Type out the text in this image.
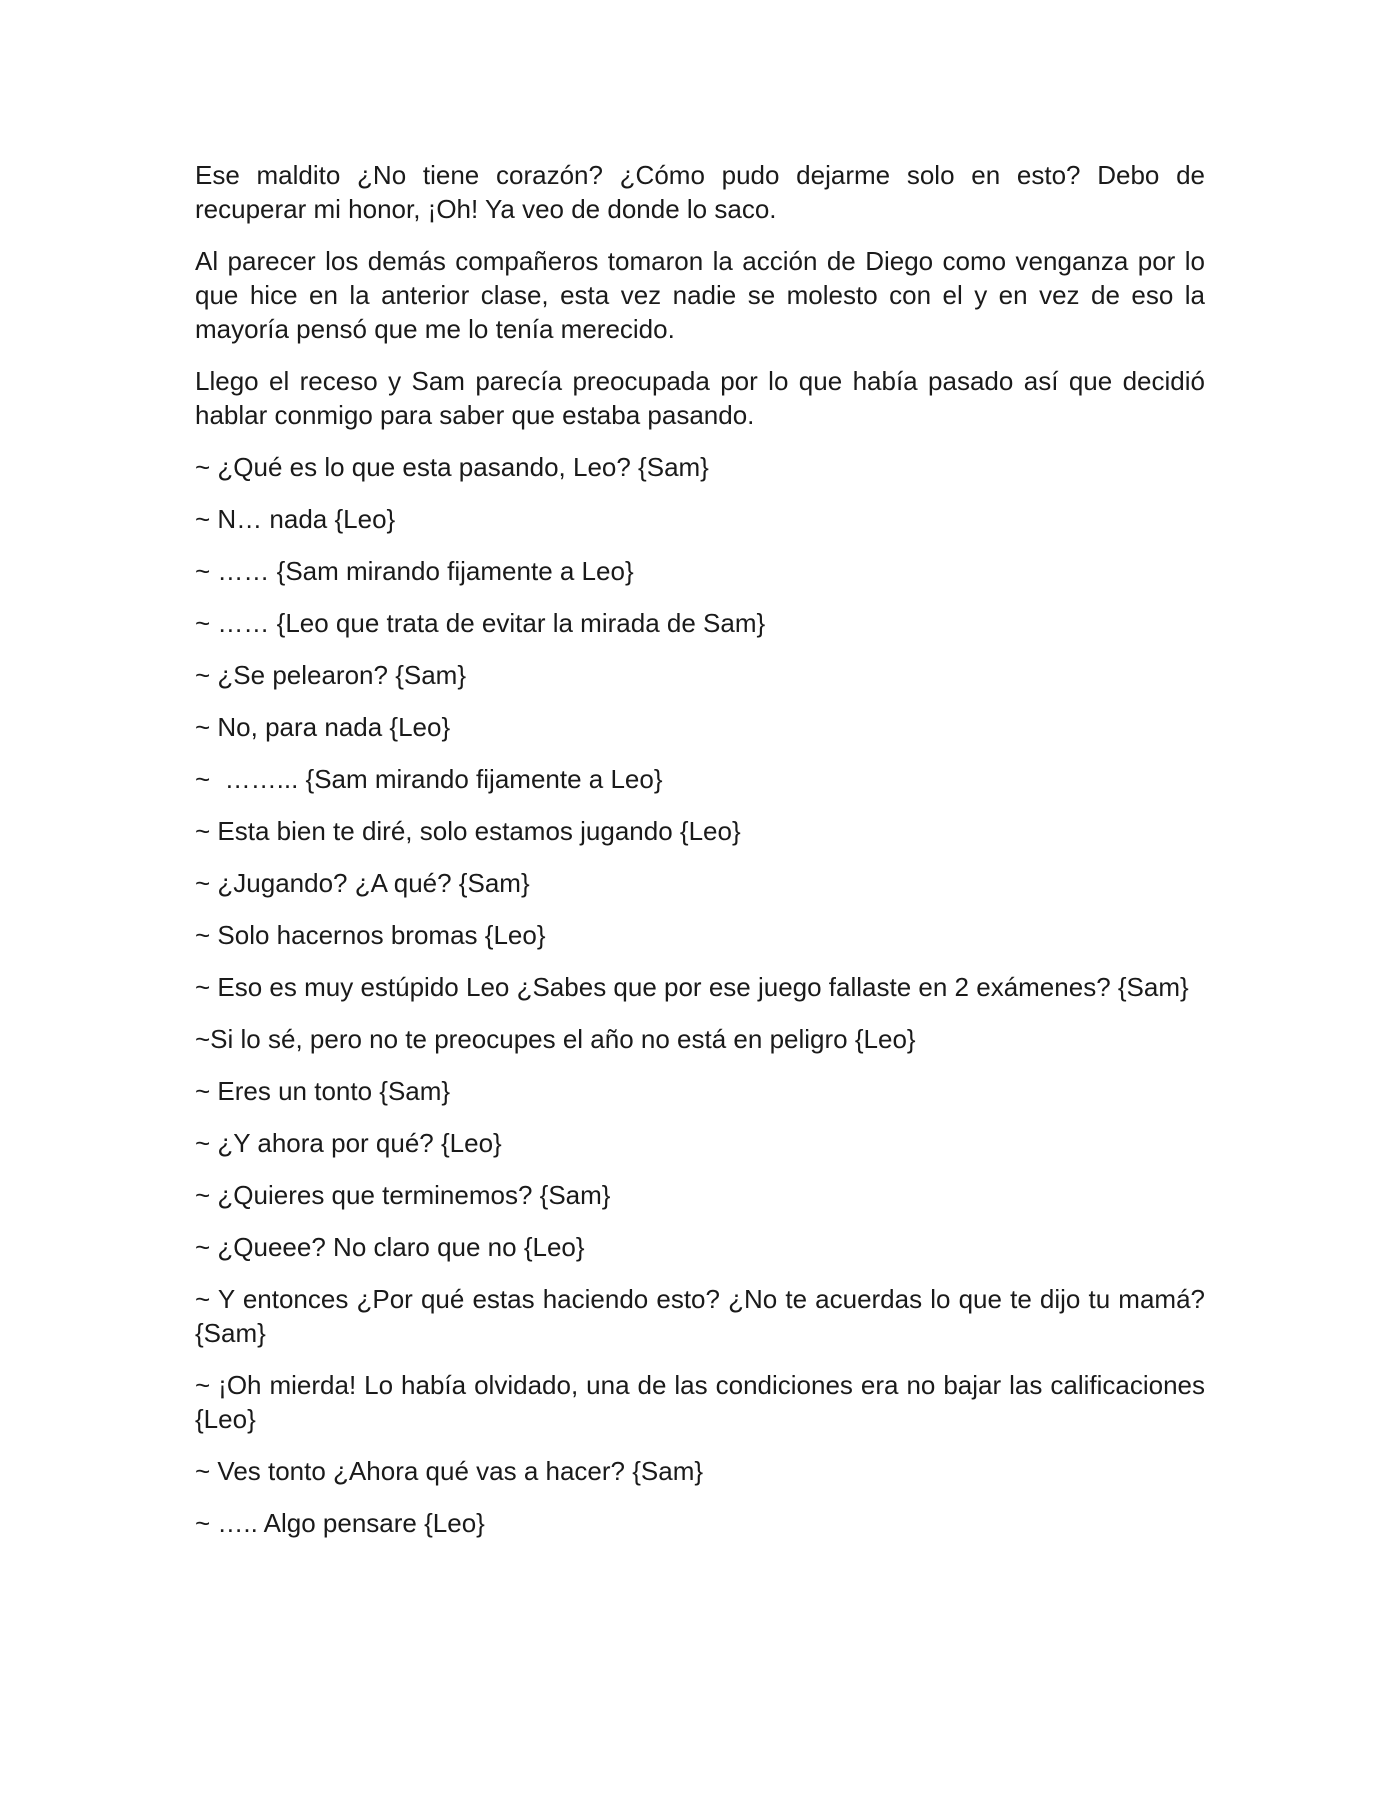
Ese maldito ¿No tiene corazón? ¿Cómo pudo dejarme solo en esto? Debo de recuperar mi honor, ¡Oh! Ya veo de donde lo saco.

Al parecer los demás compañeros tomaron la acción de Diego como venganza por lo que hice en la anterior clase, esta vez nadie se molesto con el y en vez de eso la mayoría pensó que me lo tenía merecido.

Llego el receso y Sam parecía preocupada por lo que había pasado así que decidió hablar conmigo para saber que estaba pasando.

~ ¿Qué es lo que esta pasando, Leo? {Sam}

~ N… nada {Leo}

~ …… {Sam mirando fijamente a Leo}

~ …… {Leo que trata de evitar la mirada de Sam}

~ ¿Se pelearon? {Sam}

~ No, para nada {Leo}

~  ……... {Sam mirando fijamente a Leo}

~ Esta bien te diré, solo estamos jugando {Leo}

~ ¿Jugando? ¿A qué? {Sam}

~ Solo hacernos bromas {Leo}

~ Eso es muy estúpido Leo ¿Sabes que por ese juego fallaste en 2 exámenes? {Sam}

~Si lo sé, pero no te preocupes el año no está en peligro {Leo}

~ Eres un tonto {Sam}

~ ¿Y ahora por qué? {Leo}

~ ¿Quieres que terminemos? {Sam}

~ ¿Queee? No claro que no {Leo}

~ Y entonces ¿Por qué estas haciendo esto? ¿No te acuerdas lo que te dijo tu mamá? {Sam}

~ ¡Oh mierda! Lo había olvidado, una de las condiciones era no bajar las calificaciones {Leo}

~ Ves tonto ¿Ahora qué vas a hacer? {Sam}

~ ….. Algo pensare {Leo}
